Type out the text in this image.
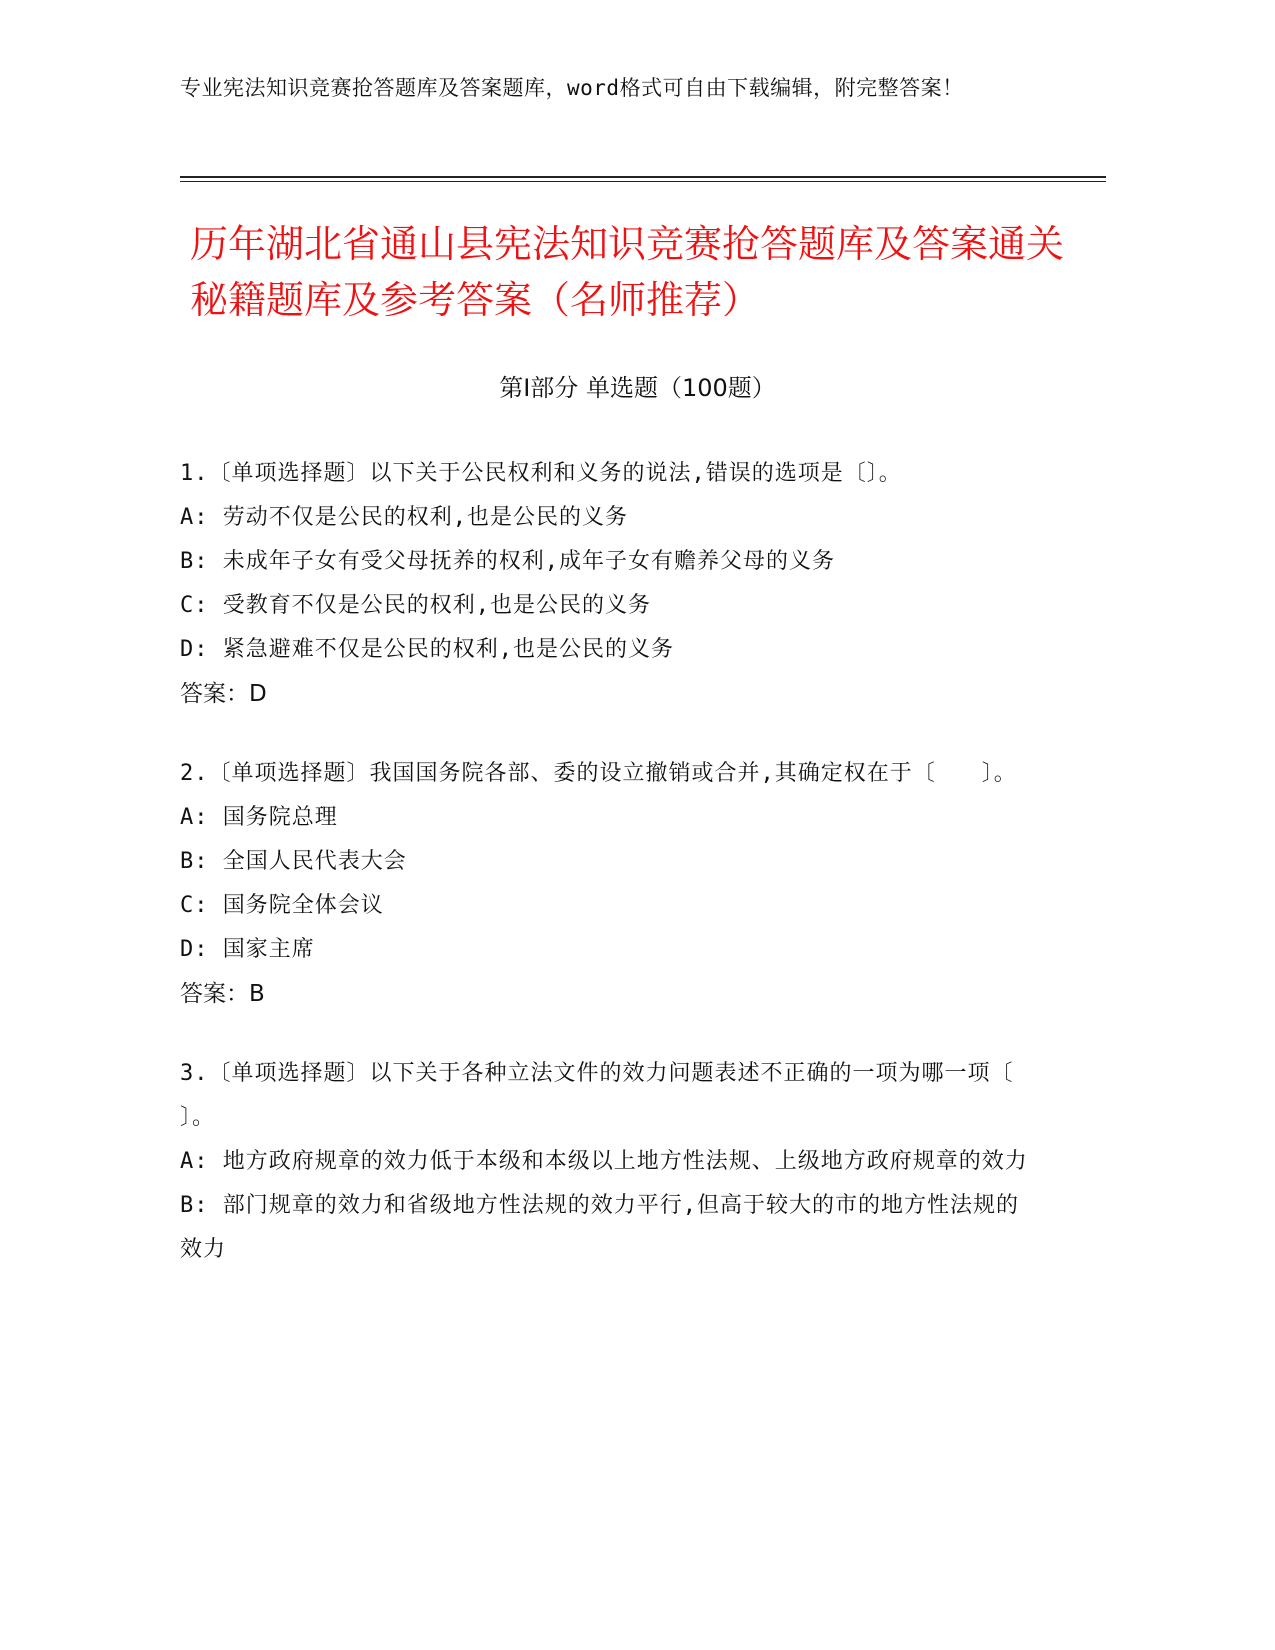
专业宪法知识竞赛抢答题库及答案题库，word格式可自由下载编辑，附完整答案！
历年湖北省通山县宪法知识竞赛抢答题库及答案通关秘籍题库及参考答案（名师推荐）
第Ⅰ部分 单选题（100题）
1.〔单项选择题〕以下关于公民权利和义务的说法,错误的选项是〔〕。
A: 劳动不仅是公民的权利,也是公民的义务
B: 未成年子女有受父母抚养的权利,成年子女有赡养父母的义务
C: 受教育不仅是公民的权利,也是公民的义务
D: 紧急避难不仅是公民的权利,也是公民的义务
答案：D
2.〔单项选择题〕我国国务院各部、委的设立撤销或合并,其确定权在于〔　　〕。
A: 国务院总理
B: 全国人民代表大会
C: 国务院全体会议
D: 国家主席
答案：B
3.〔单项选择题〕以下关于各种立法文件的效力问题表述不正确的一项为哪一项〔　　〕。
A: 地方政府规章的效力低于本级和本级以上地方性法规、上级地方政府规章的效力
B: 部门规章的效力和省级地方性法规的效力平行,但高于较大的市的地方性法规的效力
